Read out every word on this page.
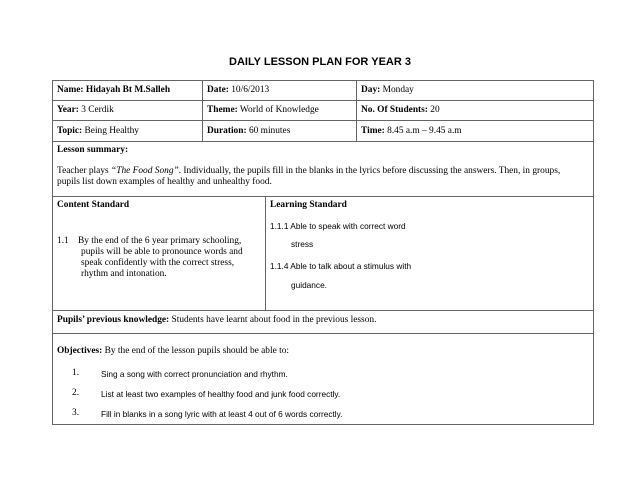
DAILY LESSON PLAN FOR YEAR 3
Name: Hidayah Bt M.Salleh	Date: 10/6/2013	Day: Monday
Year: 3 Cerdik	Theme: World of Knowledge	No. Of Students: 20
Topic: Being Healthy	Duration: 60 minutes	Time: 8.45 a.m – 9.45 a.m
Lesson summary:
Teacher plays “The Food Song”. Individually, the pupils fill in the blanks in the lyrics before discussing the answers. Then, in groups,
pupils list down examples of healthy and unhealthy food.
Content Standard
1.1 By the end of the 6 year primary schooling,
pupils will be able to pronounce words and
speak confidently with the correct stress,
rhythm and intonation.
Learning Standard
1.1.1 Able to speak with correct word
stress
1.1.4 Able to talk about a stimulus with
guidance.
Pupils’ previous knowledge: Students have learnt about food in the previous lesson.
Objectives: By the end of the lesson pupils should be able to:
1.	Sing a song with correct pronunciation and rhythm.
2.	List at least two examples of healthy food and junk food correctly.
3.	Fill in blanks in a song lyric with at least 4 out of 6 words correctly.
